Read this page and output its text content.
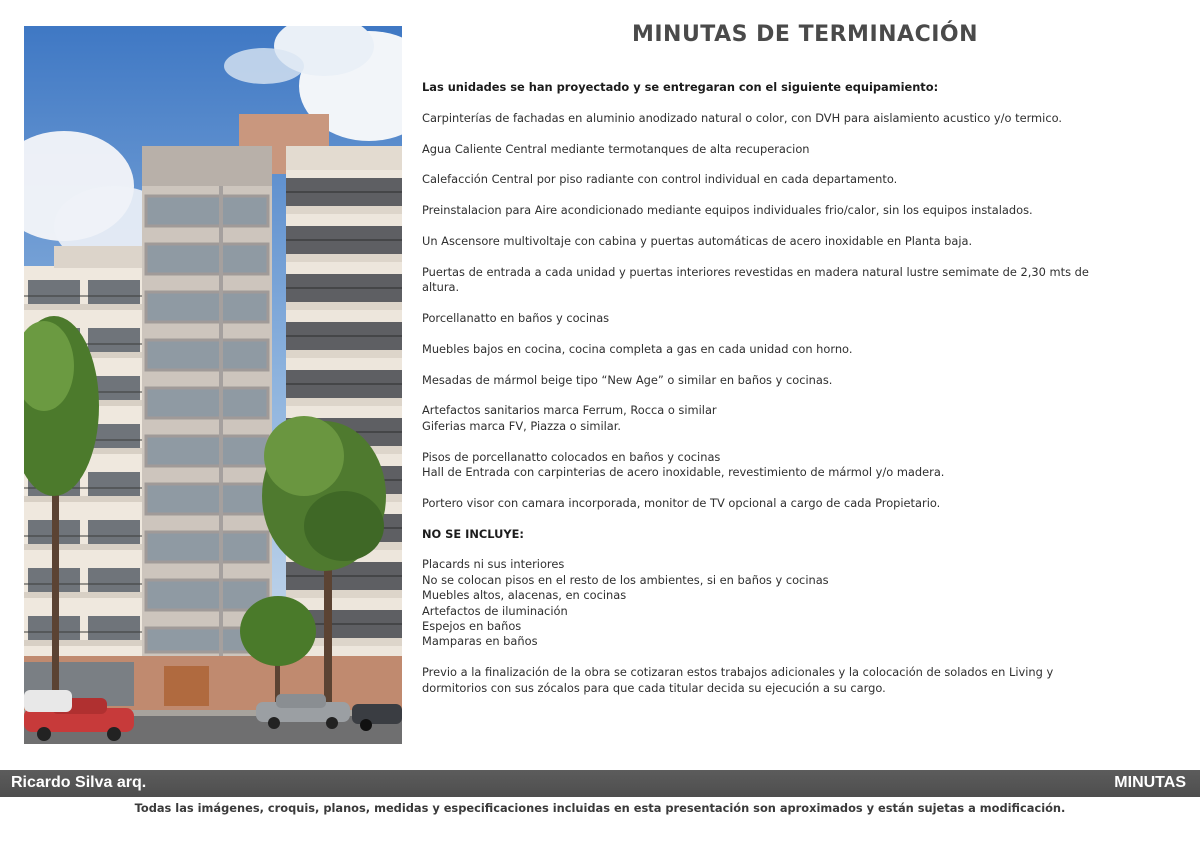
MINUTAS DE TERMINACIÓN

Las unidades se han proyectado y se entregaran con el siguiente equipamiento:

Carpinterías de fachadas en aluminio anodizado natural o color, con DVH para aislamiento acustico y/o termico.

Agua Caliente Central mediante termotanques de alta recuperacion

Calefacción Central por piso radiante con control individual en cada departamento.

Preinstalacion para Aire acondicionado mediante equipos individuales frio/calor, sin los equipos instalados.

Un Ascensore multivoltaje con cabina y puertas automáticas de acero inoxidable en Planta baja.

Puertas de entrada a cada unidad y puertas interiores revestidas en madera natural lustre semimate de 2,30 mts de
altura.

Porcellanatto en baños y cocinas

Muebles bajos en cocina, cocina completa a gas en cada unidad con horno.

Mesadas de mármol beige tipo “New Age” o similar en baños y cocinas.

Artefactos sanitarios marca Ferrum, Rocca o similar
Giferias marca FV, Piazza o similar.

Pisos de porcellanatto colocados en baños y cocinas
Hall de Entrada con carpinterias de acero inoxidable, revestimiento de mármol y/o madera.

Portero visor con camara incorporada, monitor de TV opcional a cargo de cada Propietario.

NO SE INCLUYE:

Placards ni sus interiores
No se colocan pisos en el resto de los ambientes, si en baños y cocinas
Muebles altos, alacenas, en cocinas
Artefactos de iluminación
Espejos en baños
Mamparas en baños

Previo a la finalización de la obra se cotizaran estos trabajos adicionales y la colocación de solados en Living y
dormitorios con sus zócalos para que cada titular decida su ejecución a su cargo.

Ricardo Silva arq.	MINUTAS
Todas las imágenes, croquis, planos, medidas y especificaciones incluidas en esta presentación son aproximados y están sujetas a modificación.
